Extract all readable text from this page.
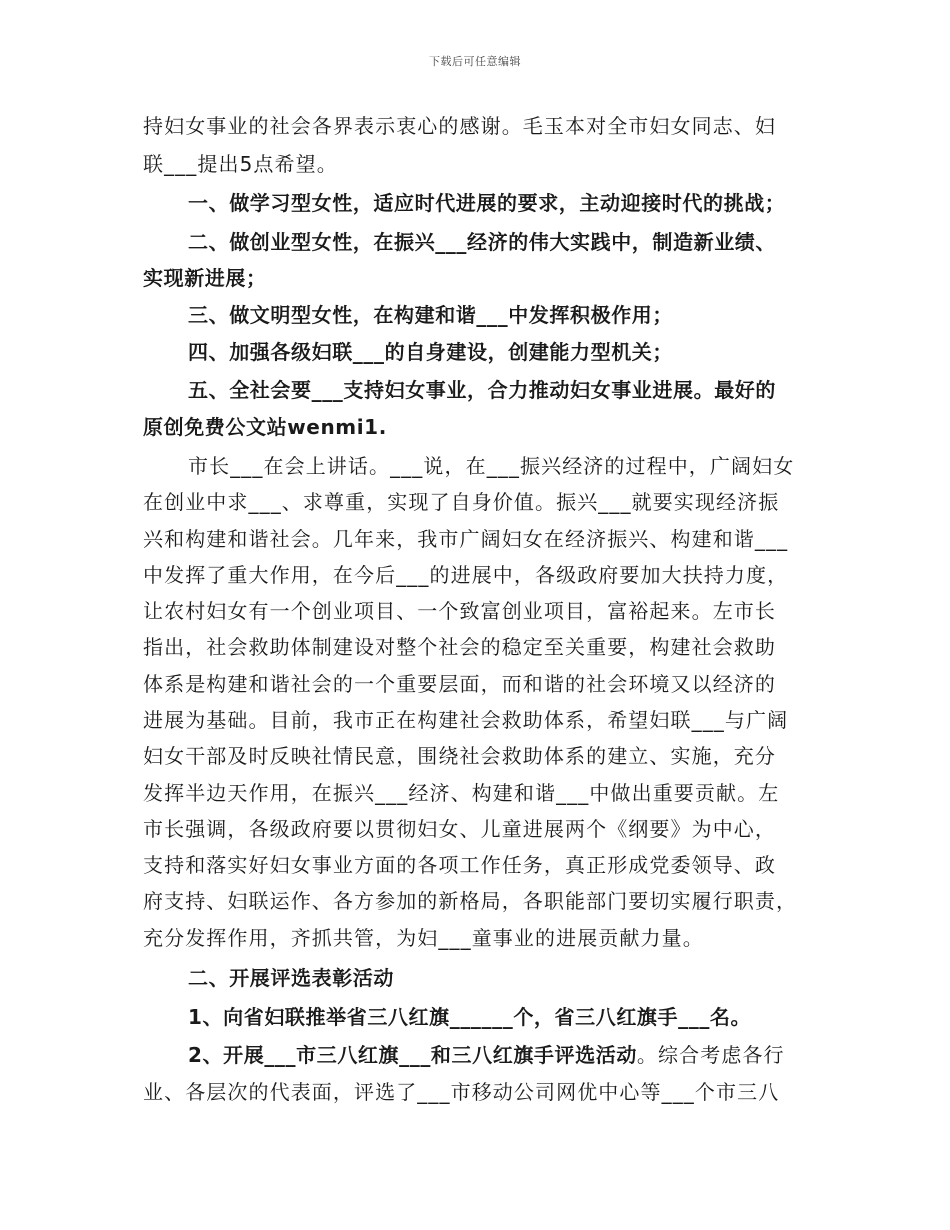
下载后可任意编辑
持妇女事业的社会各界表示衷心的感谢。毛玉本对全市妇女同志、妇
联___提出5点希望。
一、做学习型女性，适应时代进展的要求，主动迎接时代的挑战；
二、做创业型女性，在振兴___经济的伟大实践中，制造新业绩、
实现新进展；
三、做文明型女性，在构建和谐___中发挥积极作用；
四、加强各级妇联___的自身建设，创建能力型机关；
五、全社会要___支持妇女事业，合力推动妇女事业进展。最好的
原创免费公文站wenmi1.
市长___在会上讲话。___说，在___振兴经济的过程中，广阔妇女
在创业中求___、求尊重，实现了自身价值。振兴___就要实现经济振
兴和构建和谐社会。几年来，我市广阔妇女在经济振兴、构建和谐___
中发挥了重大作用，在今后___的进展中，各级政府要加大扶持力度，
让农村妇女有一个创业项目、一个致富创业项目，富裕起来。左市长
指出，社会救助体制建设对整个社会的稳定至关重要，构建社会救助
体系是构建和谐社会的一个重要层面，而和谐的社会环境又以经济的
进展为基础。目前，我市正在构建社会救助体系，希望妇联___与广阔
妇女干部及时反映社情民意，围绕社会救助体系的建立、实施，充分
发挥半边天作用，在振兴___经济、构建和谐___中做出重要贡献。左
市长强调，各级政府要以贯彻妇女、儿童进展两个《纲要》为中心，
支持和落实好妇女事业方面的各项工作任务，真正形成党委领导、政
府支持、妇联运作、各方参加的新格局，各职能部门要切实履行职责，
充分发挥作用，齐抓共管，为妇___童事业的进展贡献力量。
二、开展评选表彰活动
1、向省妇联推举省三八红旗______个，省三八红旗手___名。
2、开展___市三八红旗___和三八红旗手评选活动。综合考虑各行
业、各层次的代表面，评选了___市移动公司网优中心等___个市三八
